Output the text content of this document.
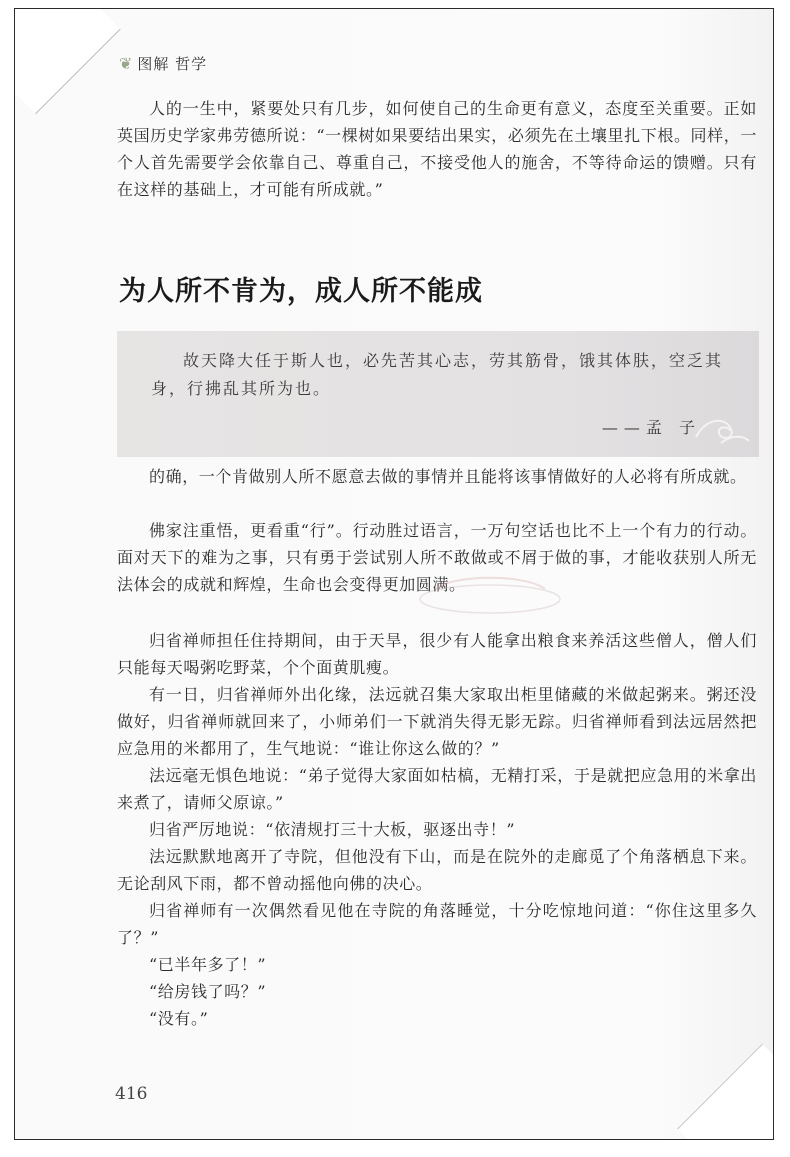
❦ 图解 哲学

人的一生中，紧要处只有几步，如何使自己的生命更有意义，态度至关重要。正如英国历史学家弗劳德所说：“一棵树如果要结出果实，必须先在土壤里扎下根。同样，一个人首先需要学会依靠自己、尊重自己，不接受他人的施舍，不等待命运的馈赠。只有在这样的基础上，才可能有所成就。”

为人所不肯为，成人所不能成

故天降大任于斯人也，必先苦其心志，劳其筋骨，饿其体肤，空乏其身，行拂乱其所为也。

——孟 子

的确，一个肯做别人所不愿意去做的事情并且能将该事情做好的人必将有所成就。

佛家注重悟，更看重“行”。行动胜过语言，一万句空话也比不上一个有力的行动。面对天下的难为之事，只有勇于尝试别人所不敢做或不屑于做的事，才能收获别人所无法体会的成就和辉煌，生命也会变得更加圆满。

归省禅师担任住持期间，由于天旱，很少有人能拿出粮食来养活这些僧人，僧人们只能每天喝粥吃野菜，个个面黄肌瘦。

有一日，归省禅师外出化缘，法远就召集大家取出柜里储藏的米做起粥来。粥还没做好，归省禅师就回来了，小师弟们一下就消失得无影无踪。归省禅师看到法远居然把应急用的米都用了，生气地说：“谁让你这么做的？”

法远毫无惧色地说：“弟子觉得大家面如枯槁，无精打采，于是就把应急用的米拿出来煮了，请师父原谅。”

归省严厉地说：“依清规打三十大板，驱逐出寺！”

法远默默地离开了寺院，但他没有下山，而是在院外的走廊觅了个角落栖息下来。无论刮风下雨，都不曾动摇他向佛的决心。

归省禅师有一次偶然看见他在寺院的角落睡觉，十分吃惊地问道：“你住这里多久了？”

“已半年多了！”

“给房钱了吗？”

“没有。”

416
